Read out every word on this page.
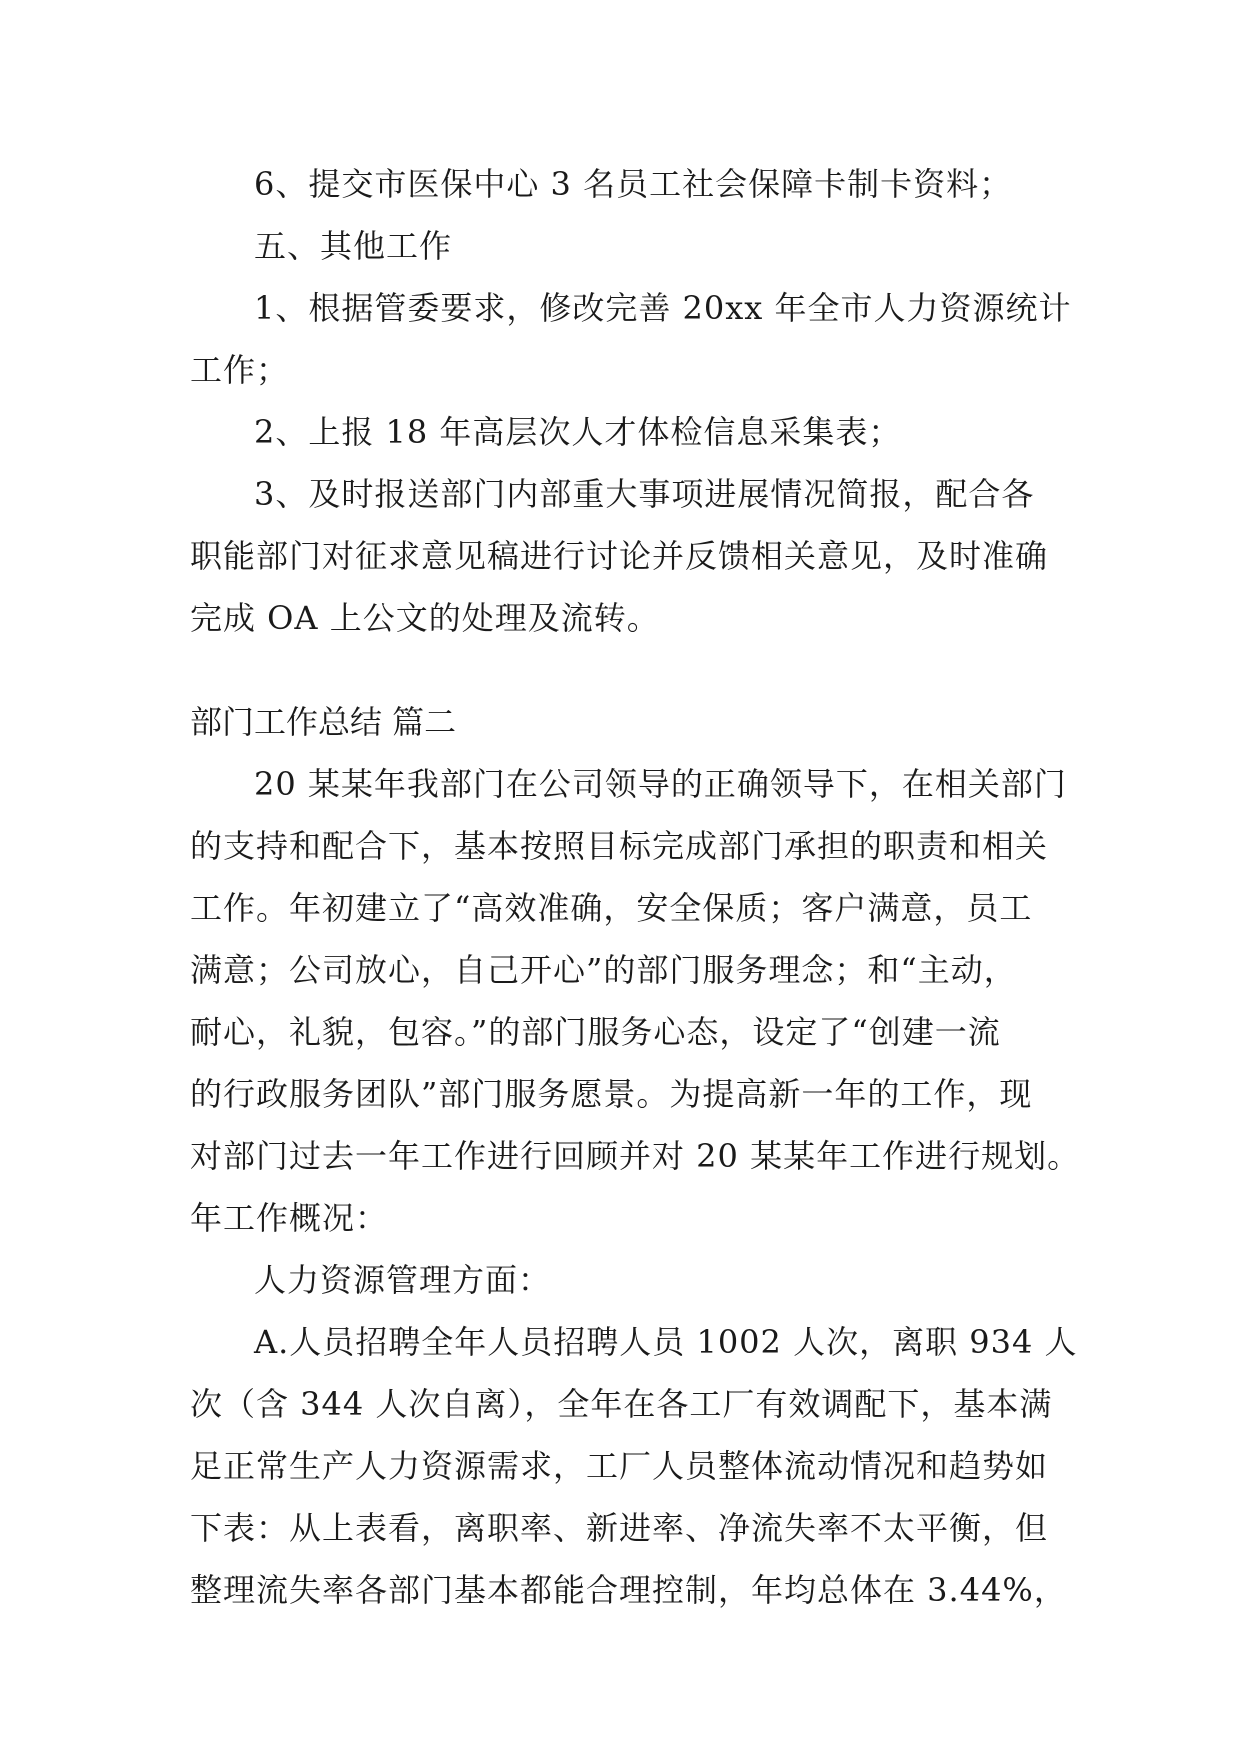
6、提交市医保中心 3 名员工社会保障卡制卡资料；
五、其他工作
1、根据管委要求，修改完善 20xx 年全市人力资源统计
工作；
2、上报 18 年高层次人才体检信息采集表；
3、及时报送部门内部重大事项进展情况简报，配合各
职能部门对征求意见稿进行讨论并反馈相关意见，及时准确
完成 OA 上公文的处理及流转。
部门工作总结 篇二
20 某某年我部门在公司领导的正确领导下，在相关部门
的支持和配合下，基本按照目标完成部门承担的职责和相关
工作。年初建立了“高效准确，安全保质；客户满意，员工
满意；公司放心，自己开心”的部门服务理念；和“主动，
耐心，礼貌，包容。”的部门服务心态，设定了“创建一流
的行政服务团队”部门服务愿景。为提高新一年的工作，现
对部门过去一年工作进行回顾并对 20 某某年工作进行规划。
年工作概况：
人力资源管理方面：
A.人员招聘全年人员招聘人员 1002 人次，离职 934 人
次（含 344 人次自离），全年在各工厂有效调配下，基本满
足正常生产人力资源需求，工厂人员整体流动情况和趋势如
下表：从上表看，离职率、新进率、净流失率不太平衡，但
整理流失率各部门基本都能合理控制，年均总体在 3.44%，
